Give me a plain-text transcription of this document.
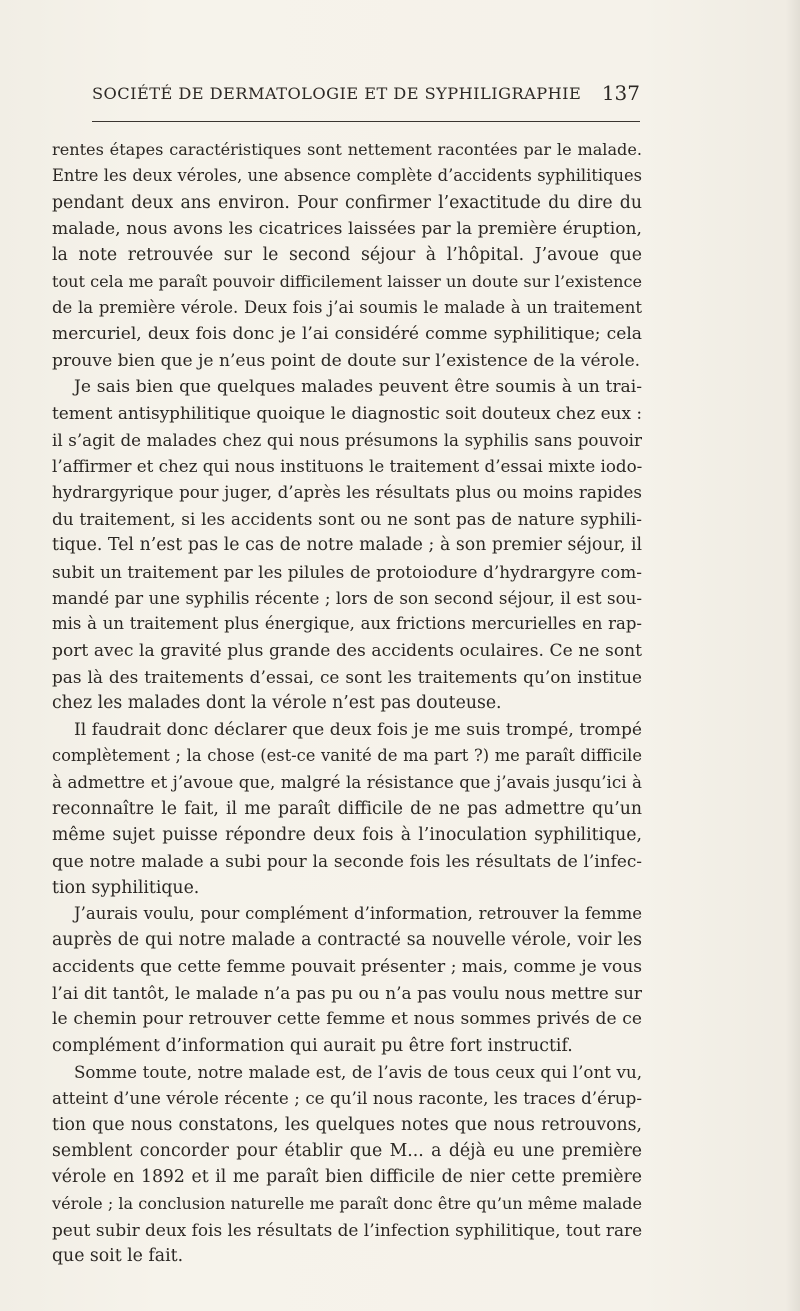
SOCIÉTÉ DE DERMATOLOGIE ET DE SYPHILIGRAPHIE 137
rentes étapes caractéristiques sont nettement racontées par le malade.
Entre les deux véroles, une absence complète d’accidents syphilitiques
pendant deux ans environ. Pour confirmer l’exactitude du dire du
malade, nous avons les cicatrices laissées par la première éruption,
la note retrouvée sur le second séjour à l’hôpital. J’avoue que
tout cela me paraît pouvoir difficilement laisser un doute sur l’existence
de la première vérole. Deux fois j’ai soumis le malade à un traitement
mercuriel, deux fois donc je l’ai considéré comme syphilitique; cela
prouve bien que je n’eus point de doute sur l’existence de la vérole.
Je sais bien que quelques malades peuvent être soumis à un trai-
tement antisyphilitique quoique le diagnostic soit douteux chez eux :
il s’agit de malades chez qui nous présumons la syphilis sans pouvoir
l’affirmer et chez qui nous instituons le traitement d’essai mixte iodo-
hydrargyrique pour juger, d’après les résultats plus ou moins rapides
du traitement, si les accidents sont ou ne sont pas de nature syphili-
tique. Tel n’est pas le cas de notre malade ; à son premier séjour, il
subit un traitement par les pilules de protoiodure d’hydrargyre com-
mandé par une syphilis récente ; lors de son second séjour, il est sou-
mis à un traitement plus énergique, aux frictions mercurielles en rap-
port avec la gravité plus grande des accidents oculaires. Ce ne sont
pas là des traitements d’essai, ce sont les traitements qu’on institue
chez les malades dont la vérole n’est pas douteuse.
Il faudrait donc déclarer que deux fois je me suis trompé, trompé
complètement ; la chose (est-ce vanité de ma part ?) me paraît difficile
à admettre et j’avoue que, malgré la résistance que j’avais jusqu’ici à
reconnaître le fait, il me paraît difficile de ne pas admettre qu’un
même sujet puisse répondre deux fois à l’inoculation syphilitique,
que notre malade a subi pour la seconde fois les résultats de l’infec-
tion syphilitique.
J’aurais voulu, pour complément d’information, retrouver la femme
auprès de qui notre malade a contracté sa nouvelle vérole, voir les
accidents que cette femme pouvait présenter ; mais, comme je vous
l’ai dit tantôt, le malade n’a pas pu ou n’a pas voulu nous mettre sur
le chemin pour retrouver cette femme et nous sommes privés de ce
complément d’information qui aurait pu être fort instructif.
Somme toute, notre malade est, de l’avis de tous ceux qui l’ont vu,
atteint d’une vérole récente ; ce qu’il nous raconte, les traces d’érup-
tion que nous constatons, les quelques notes que nous retrouvons,
semblent concorder pour établir que M... a déjà eu une première
vérole en 1892 et il me paraît bien difficile de nier cette première
vérole ; la conclusion naturelle me paraît donc être qu’un même malade
peut subir deux fois les résultats de l’infection syphilitique, tout rare
que soit le fait.
